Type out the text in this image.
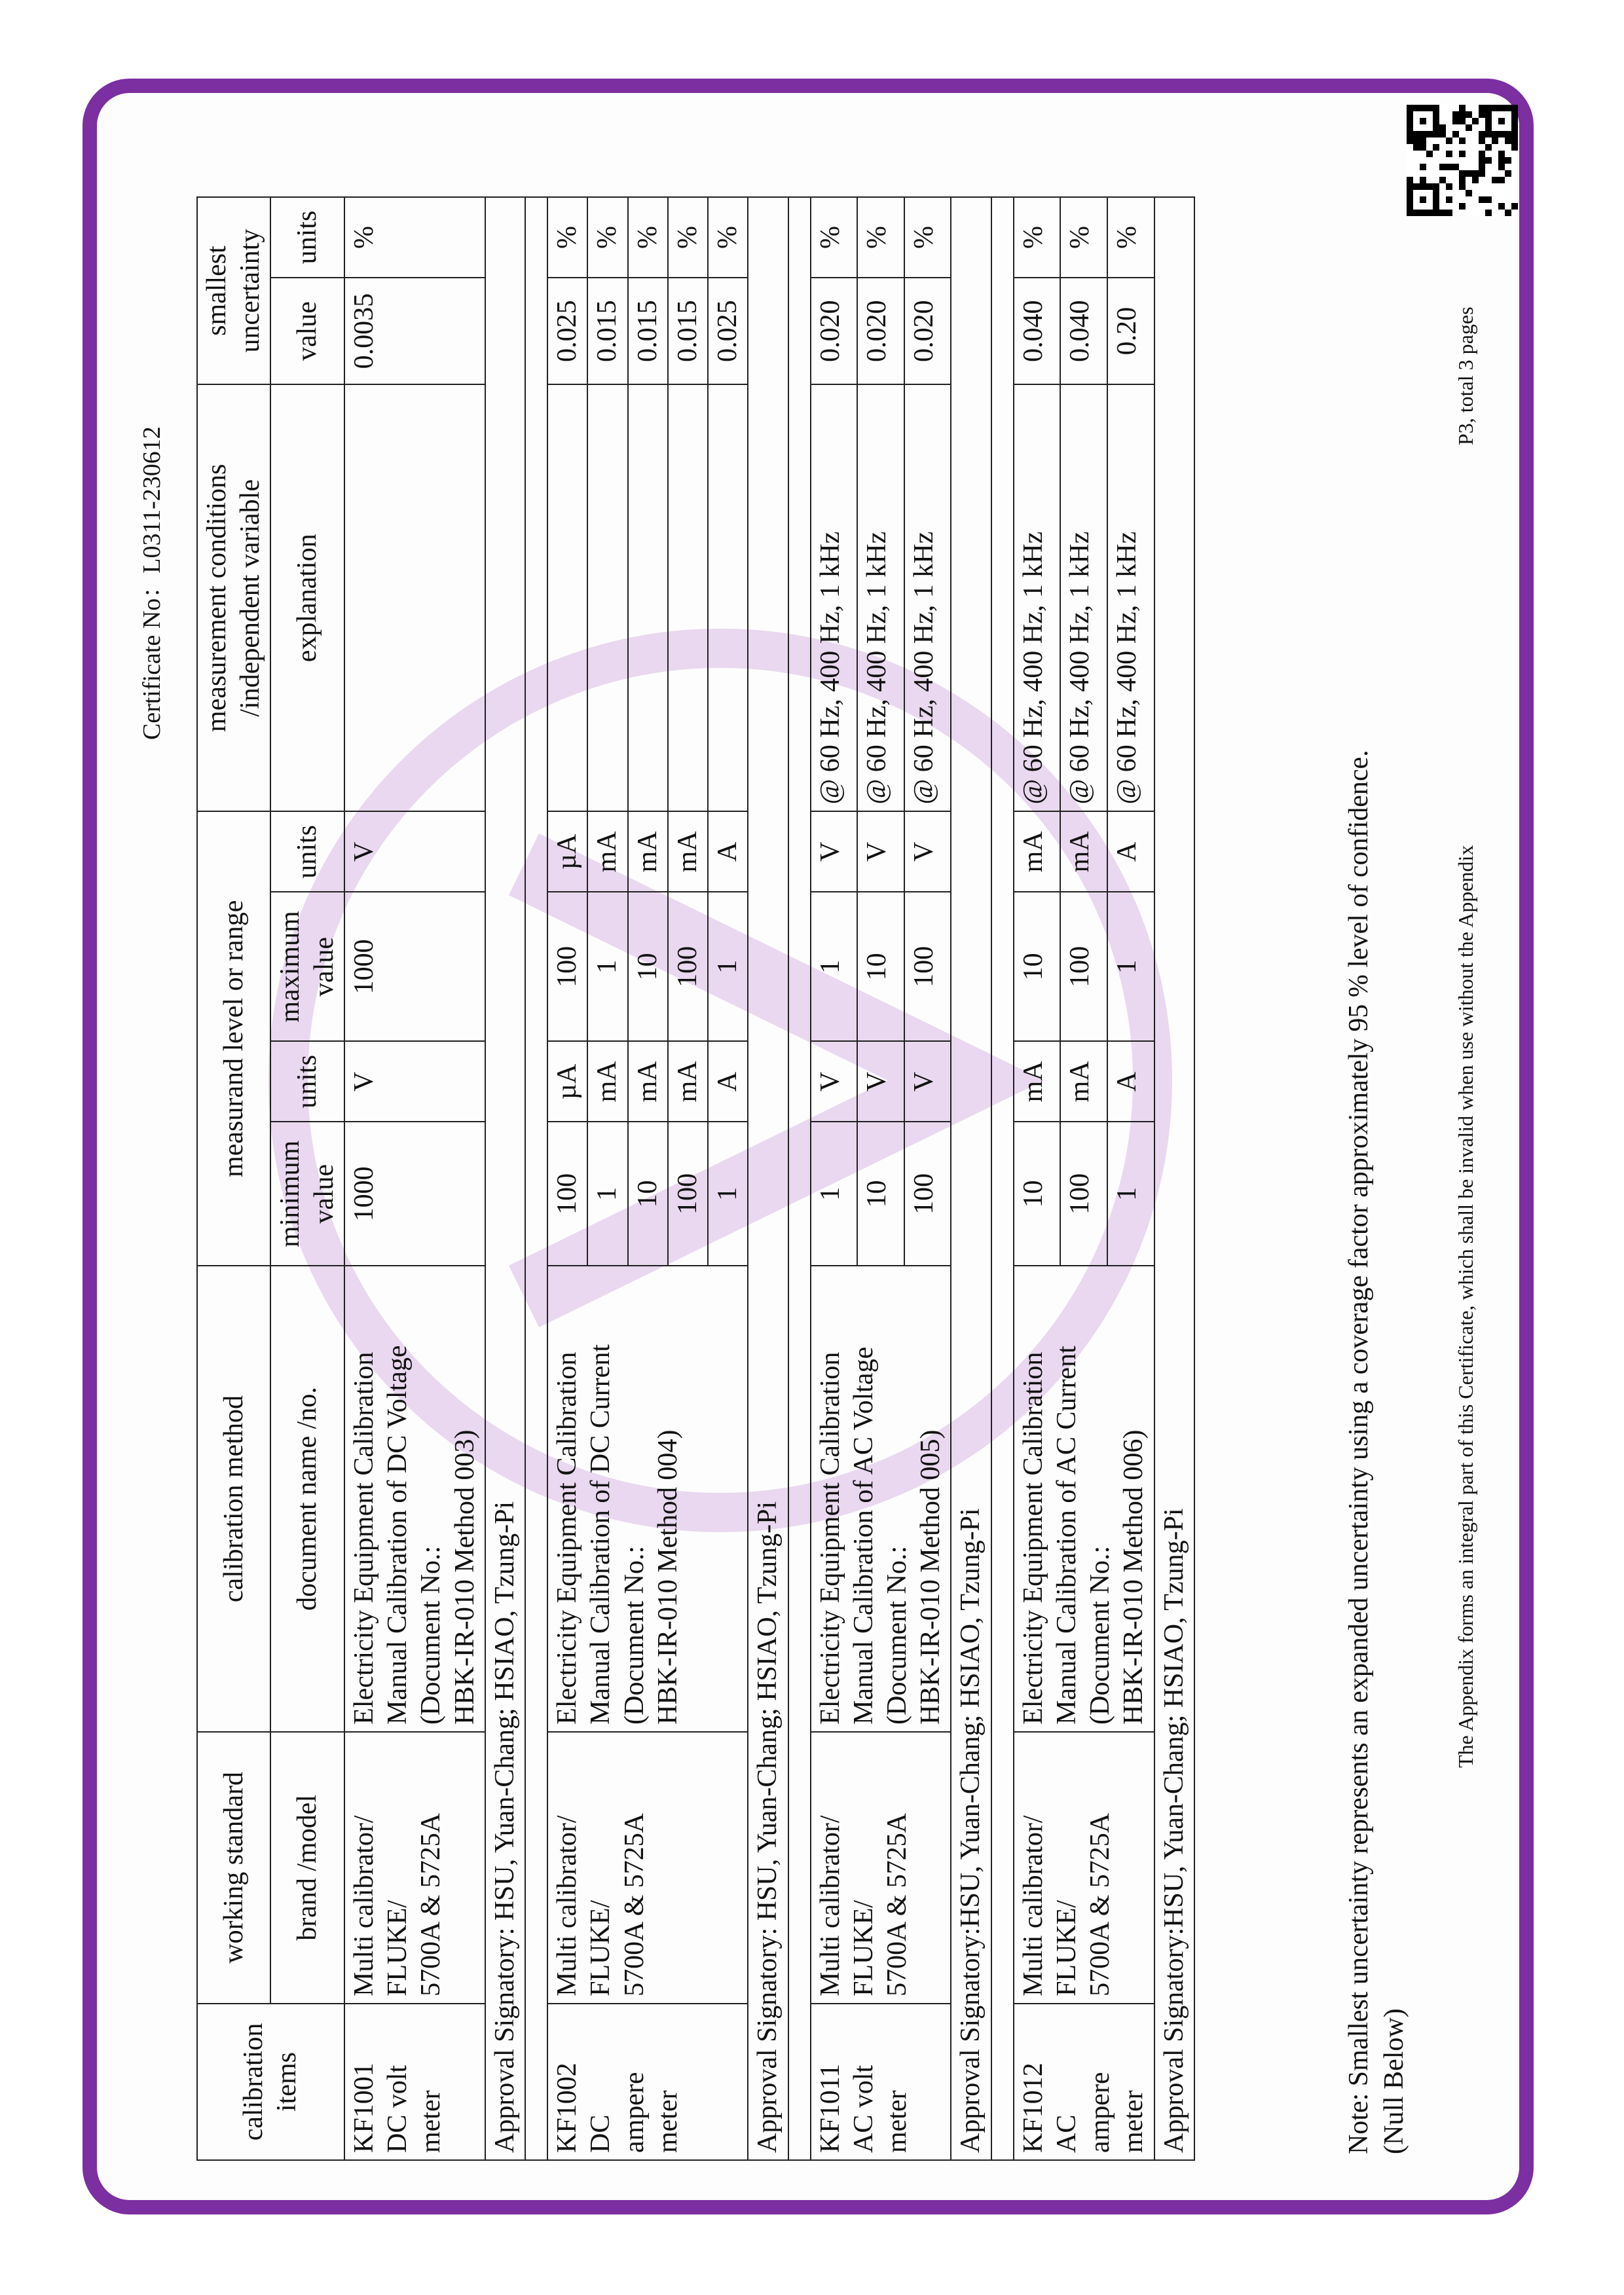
Certificate No：L0311-230612
calibration items	working standard	calibration method	measurand level or range				measurement conditions /independent variable	smallest uncertainty	
	brand /model	document name /no.	minimum value	units	maximum value	units	explanation	value	units
KF1001
DC volt
meter	Multi calibrator/
FLUKE/
5700A & 5725A	Electricity Equipment Calibration
Manual Calibration of DC Voltage
(Document No.:
HBK-IR-010 Method 003)	1000	V	1000	V		0.0035	%
Approval Signatory: HSU, Yuan-Chang; HSIAO, Tzung-Pi									

KF1002
DC
ampere
meter	Multi calibrator/
FLUKE/
5700A & 5725A	Electricity Equipment Calibration
Manual Calibration of DC Current
(Document No.:
HBK-IR-010 Method 004)	100	µA	100	µA		0.025	%
			1	mA	1	mA		0.015	%
			10	mA	10	mA		0.015	%
			100	mA	100	mA		0.015	%
			1	A	1	A		0.025	%
Approval Signatory: HSU, Yuan-Chang; HSIAO, Tzung-Pi									

KF1011
AC volt
meter	Multi calibrator/
FLUKE/
5700A & 5725A	Electricity Equipment Calibration
Manual Calibration of AC Voltage
(Document No.:
HBK-IR-010 Method 005)	1	V	1	V	@ 60 Hz, 400 Hz, 1 kHz	0.020	%
			10	V	10	V	@ 60 Hz, 400 Hz, 1 kHz	0.020	%
			100	V	100	V	@ 60 Hz, 400 Hz, 1 kHz	0.020	%
Approval Signatory:HSU, Yuan-Chang; HSIAO, Tzung-Pi									

KF1012
AC
ampere
meter	Multi calibrator/
FLUKE/
5700A & 5725A	Electricity Equipment Calibration
Manual Calibration of AC Current
(Document No.:
HBK-IR-010 Method 006)	10	mA	10	mA	@ 60 Hz, 400 Hz, 1 kHz	0.040	%
			100	mA	100	mA	@ 60 Hz, 400 Hz, 1 kHz	0.040	%
			1	A	1	A	@ 60 Hz, 400 Hz, 1 kHz	0.20	%
Approval Signatory:HSU, Yuan-Chang; HSIAO, Tzung-Pi										Note: Smallest uncertainty represents an expanded uncertainty using a coverage factor approximately 95 % level of confidence. (Null Below)
The Appendix forms an integral part of this Certificate, which shall be invalid when use without the Appendix
P3, total 3 pages
